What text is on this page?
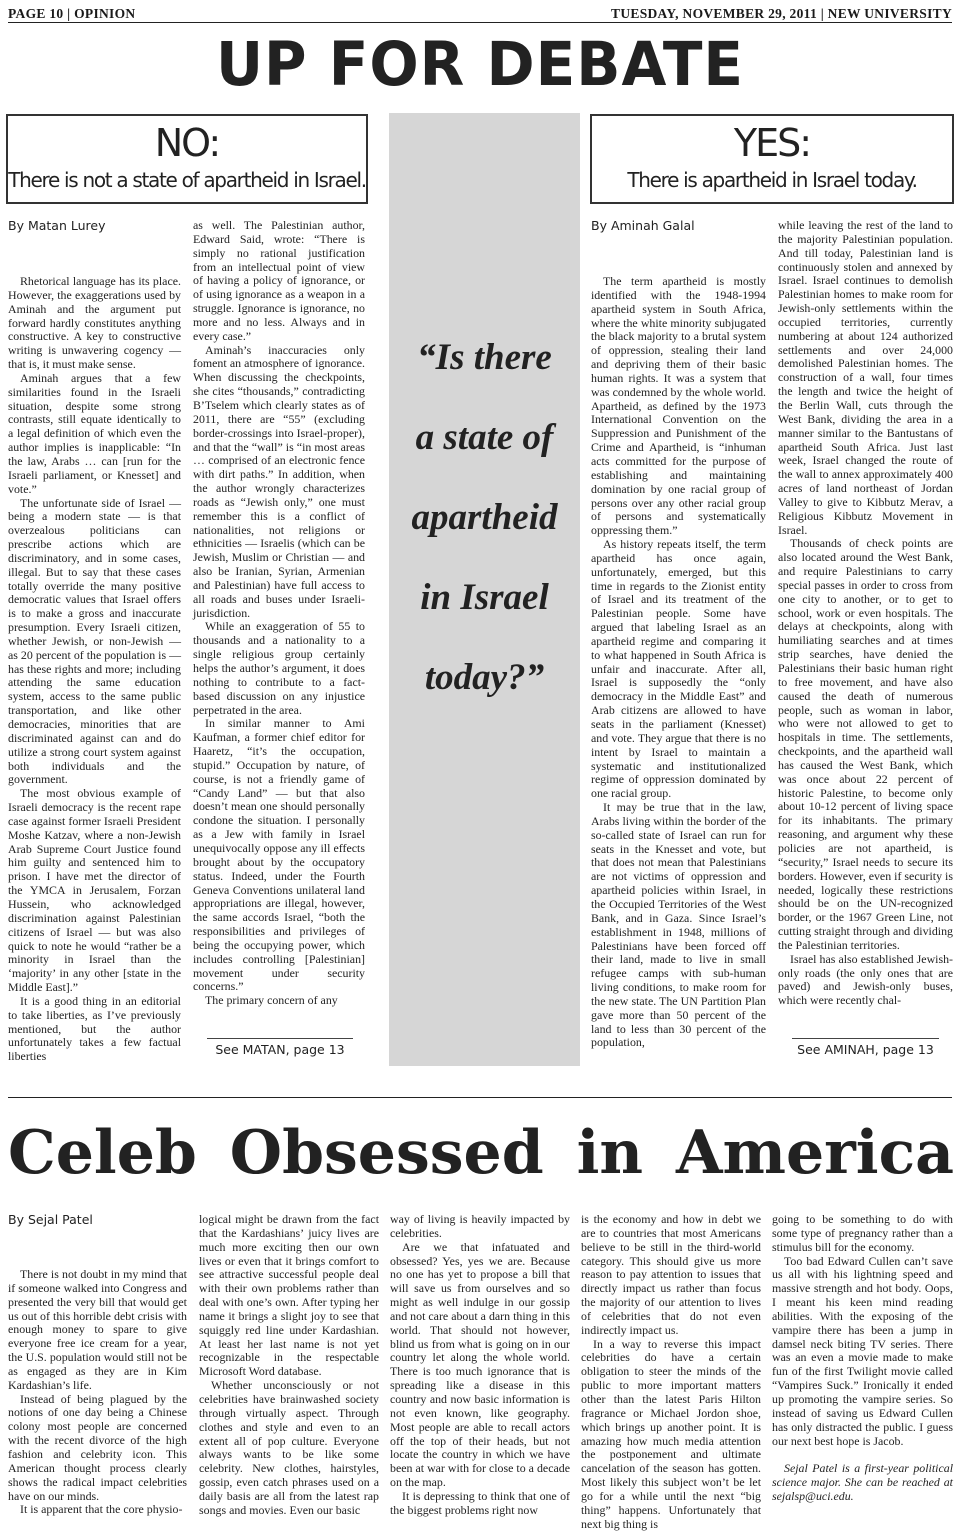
PAGE 10 | OPINION	TUESDAY, NOVEMBER 29, 2011 | NEW UNIVERSITY
UP FOR DEBATE
NO:
There is not a state of apartheid in Israel.
YES:
There is apartheid in Israel today.
By Matan Lurey

Rhetorical language has its place. However, the exaggerations used by Aminah and the argument put forward hardly constitutes anything constructive. A key to constructive writing is unwavering cogency — that is, it must make sense.

Aminah argues that a few similarities found in the Israeli situation, despite some strong contrasts, still equate identically to a legal definition of which even the author implies is inapplicable: “In the law, Arabs … can [run for the Israeli parliament, or Knesset] and vote.”

The unfortunate side of Israel — being a modern state — is that overzealous politicians can prescribe actions which are discriminatory, and in some cases, illegal. But to say that these cases totally override the many positive democratic values that Israel offers is to make a gross and inaccurate presumption. Every Israeli citizen, whether Jewish, or non-Jewish — as 20 percent of the population is — has these rights and more; including attending the same education system, access to the same public transportation, and like other democracies, minorities that are discriminated against can and do utilize a strong court system against both individuals and the government.

The most obvious example of Israeli democracy is the recent rape case against former Israeli President Moshe Katzav, where a non-Jewish Arab Supreme Court Justice found him guilty and sentenced him to prison. I have met the director of the YMCA in Jerusalem, Forzan Hussein, who acknowledged discrimination against Palestinian citizens of Israel — but was also quick to note he would “rather be a minority in Israel than the ‘majority’ in any other [state in the Middle East].”

It is a good thing in an editorial to take liberties, as I’ve previously mentioned, but the author unfortunately takes a few factual liberties

as well. The Palestinian author, Edward Said, wrote: “There is simply no rational justification from an intellectual point of view of having a policy of ignorance, or of using ignorance as a weapon in a struggle. Ignorance is ignorance, no more and no less. Always and in every case.”

Aminah’s inaccuracies only foment an atmosphere of ignorance. When discussing the checkpoints, she cites “thousands,” contradicting B’Tselem which clearly states as of 2011, there are “55” (excluding border-crossings into Israel-proper), and that the “wall” is “in most areas … comprised of an electronic fence with dirt paths.” In addition, when the author wrongly characterizes roads as “Jewish only,” one must remember this is a conflict of nationalities, not religions or ethnicities — Israelis (which can be Jewish, Muslim or Christian — and also be Iranian, Syrian, Armenian and Palestinian) have full access to all roads and buses under Israeli-jurisdiction.

While an exaggeration of 55 to thousands and a nationality to a single religious group certainly helps the author’s argument, it does nothing to contribute to a fact-based discussion on any injustice perpetrated in the area.

In similar manner to Ami Kaufman, a former chief editor for Haaretz, “it’s the occupation, stupid.” Occupation by nature, of course, is not a friendly game of “Candy Land” — but that also doesn’t mean one should personally condone the situation. I personally as a Jew with family in Israel unequivocally oppose any ill effects brought about by the occupatory status. Indeed, under the Fourth Geneva Conventions unilateral land appropriations are illegal, however, the same accords Israel, “both the responsibilities and privileges of being the occupying power, which includes controlling [Palestinian] movement under security concerns.”

The primary concern of any

See MATAN, page 13
“Is there
a state of
apartheid
in Israel
today?”
By Aminah Galal

The term apartheid is mostly identified with the 1948-1994 apartheid system in South Africa, where the white minority subjugated the black majority to a brutal system of oppression, stealing their land and depriving them of their basic human rights. It was a system that was condemned by the whole world. Apartheid, as defined by the 1973 International Convention on the Suppression and Punishment of the Crime and Apartheid, is “inhuman acts committed for the purpose of establishing and maintaining domination by one racial group of persons over any other racial group of persons and systematically oppressing them.”

As history repeats itself, the term apartheid has once again, unfortunately, emerged, but this time in regards to the Zionist entity of Israel and its treatment of the Palestinian people. Some have argued that labeling Israel as an apartheid regime and comparing it to what happened in South Africa is unfair and inaccurate. After all, Israel is supposedly the “only democracy in the Middle East” and Arab citizens are allowed to have seats in the parliament (Knesset) and vote. They argue that there is no intent by Israel to maintain a systematic and institutionalized regime of oppression dominated by one racial group.

It may be true that in the law, Arabs living within the border of the so-called state of Israel can run for seats in the Knesset and vote, but that does not mean that Palestinians are not victims of oppression and apartheid policies within Israel, in the Occupied Territories of the West Bank, and in Gaza. Since Israel’s establishment in 1948, millions of Palestinians have been forced off their land, made to live in small refugee camps with sub-human living conditions, to make room for the new state. The UN Partition Plan gave more than 50 percent of the land to less than 30 percent of the population,

while leaving the rest of the land to the majority Palestinian population. And till today, Palestinian land is continuously stolen and annexed by Israel. Israel continues to demolish Palestinian homes to make room for Jewish-only settlements within the occupied territories, currently numbering at about 124 authorized settlements and over 24,000 demolished Palestinian homes. The construction of a wall, four times the length and twice the height of the Berlin Wall, cuts through the West Bank, dividing the area in a manner similar to the Bantustans of apartheid South Africa. Just last week, Israel changed the route of the wall to annex approximately 400 acres of land northeast of Jordan Valley to give to Kibbutz Merav, a Religious Kibbutz Movement in Israel.

Thousands of check points are also located around the West Bank, and require Palestinians to carry special passes in order to cross from one city to another, or to get to school, work or even hospitals. The delays at checkpoints, along with humiliating searches and at times strip searches, have denied the Palestinians their basic human right to free movement, and have also caused the death of numerous people, such as woman in labor, who were not allowed to get to hospitals in time. The settlements, checkpoints, and the apartheid wall has caused the West Bank, which was once about 22 percent of historic Palestine, to become only about 10-12 percent of living space for its inhabitants. The primary reasoning, and argument why these policies are not apartheid, is “security,” Israel needs to secure its borders. However, even if security is needed, logically these restrictions should be on the UN-recognized border, or the 1967 Green Line, not cutting straight through and dividing the Palestinian territories.

Israel has also established Jewish-only roads (the only ones that are paved) and Jewish-only buses, which were recently chal-

See AMINAH, page 13
Celeb Obsessed in America
By Sejal Patel

There is not doubt in my mind that if someone walked into Congress and presented the very bill that would get us out of this horrible debt crisis with enough money to spare to give everyone free ice cream for a year, the U.S. population would still not be as engaged as they are in Kim Kardashian’s life.

Instead of being plagued by the notions of one day being a Chinese colony most people are concerned with the recent divorce of the high fashion and celebrity icon. This American thought process clearly shows the radical impact celebrities have on our minds.

It is apparent that the core physio-

logical might be drawn from the fact that the Kardashians’ juicy lives are much more exciting then our own lives or even that it brings comfort to see attractive successful people deal with their own problems rather than deal with one’s own. After typing her name it brings a slight joy to see that squiggly red line under Kardashian. At least her last name is not yet recognizable in the respectable Microsoft Word database.

Whether unconsciously or not celebrities have brainwashed society through virtually aspect. Through clothes and style and even to an extent all of pop culture. Everyone always wants to be like some celebrity. New clothes, hairstyles, gossip, even catch phrases used on a daily basis are all from the latest rap songs and movies. Even our basic

way of living is heavily impacted by celebrities.

Are we that infatuated and obsessed? Yes, yes we are. Because no one has yet to propose a bill that will save us from ourselves and so might as well indulge in our gossip and not care about a darn thing in this world. That should not however, blind us from what is going on in our country let along the whole world. There is too much ignorance that is spreading like a disease in this country and now basic information is not even known, like geography. Most people are able to recall actors off the top of their heads, but not locate the country in which we have been at war with for close to a decade on the map.

It is depressing to think that one of the biggest problems right now

is the economy and how in debt we are to countries that most Americans believe to be still in the third-world category. This should give us more reason to pay attention to issues that directly impact us rather than focus the majority of our attention to lives of celebrities that do not even indirectly impact us.

In a way to reverse this impact celebrities do have a certain obligation to steer the minds of the public to more important matters other than the latest Paris Hilton fragrance or Michael Jordon shoe, which brings up another point. It is amazing how much media attention the postponement and ultimate cancelation of the season has gotten. Most likely this subject won’t be let go for a while until the next “big thing” happens. Unfortunately that next big thing is

going to be something to do with some type of pregnancy rather than a stimulus bill for the economy.

Too bad Edward Cullen can’t save us all with his lightning speed and massive strength and hot body. Oops, I meant his keen mind reading abilities. With the exposing of the vampire there has been a jump in damsel neck biting TV series. There was an even a movie made to make fun of the first Twilight movie called “Vampires Suck.” Ironically it ended up promoting the vampire series. So instead of saving us Edward Cullen has only distracted the public. I guess our next best hope is Jacob.

Sejal Patel is a first-year political science major. She can be reached at sejalsp@uci.edu.
